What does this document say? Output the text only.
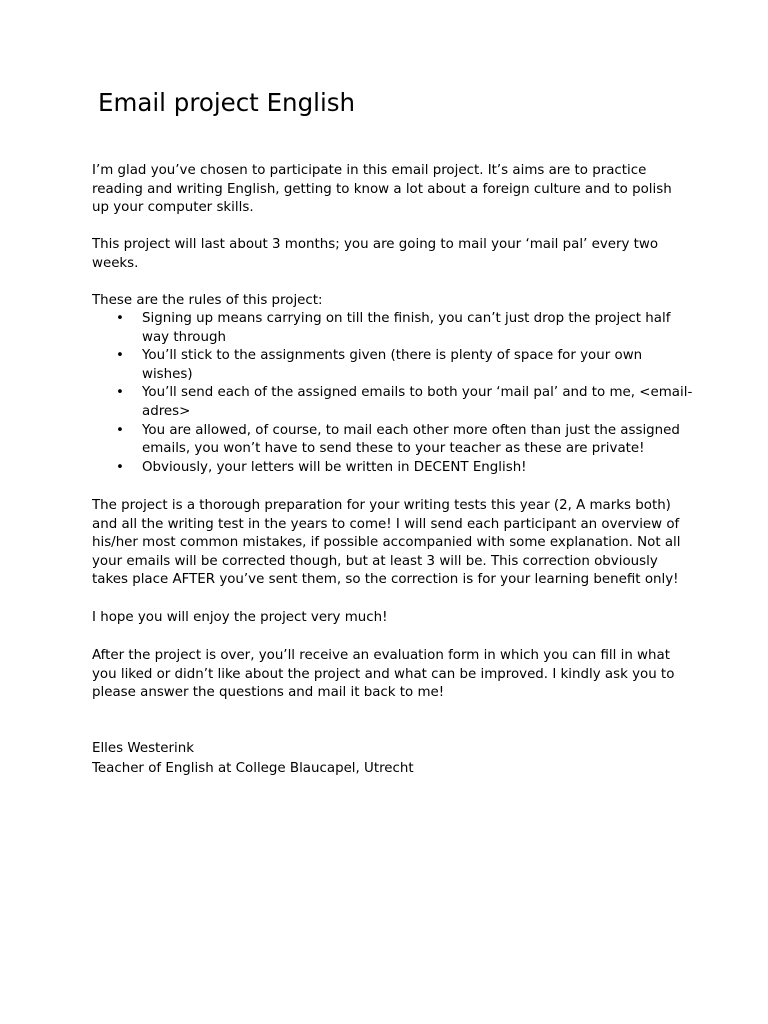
Email project English

I’m glad you’ve chosen to participate in this email project. It’s aims are to practice
reading and writing English, getting to know a lot about a foreign culture and to polish
up your computer skills.

This project will last about 3 months; you are going to mail your ‘mail pal’ every two
weeks.

These are the rules of this project:

• Signing up means carrying on till the finish, you can’t just drop the project half
way through
• You’ll stick to the assignments given (there is plenty of space for your own
wishes)
• You’ll send each of the assigned emails to both your ‘mail pal’ and to me, <email-
adres>
• You are allowed, of course, to mail each other more often than just the assigned
emails, you won’t have to send these to your teacher as these are private!
• Obviously, your letters will be written in DECENT English!

The project is a thorough preparation for your writing tests this year (2, A marks both)
and all the writing test in the years to come! I will send each participant an overview of
his/her most common mistakes, if possible accompanied with some explanation. Not all
your emails will be corrected though, but at least 3 will be. This correction obviously
takes place AFTER you’ve sent them, so the correction is for your learning benefit only!

I hope you will enjoy the project very much!

After the project is over, you’ll receive an evaluation form in which you can fill in what
you liked or didn’t like about the project and what can be improved. I kindly ask you to
please answer the questions and mail it back to me!

Elles Westerink
Teacher of English at College Blaucapel, Utrecht
